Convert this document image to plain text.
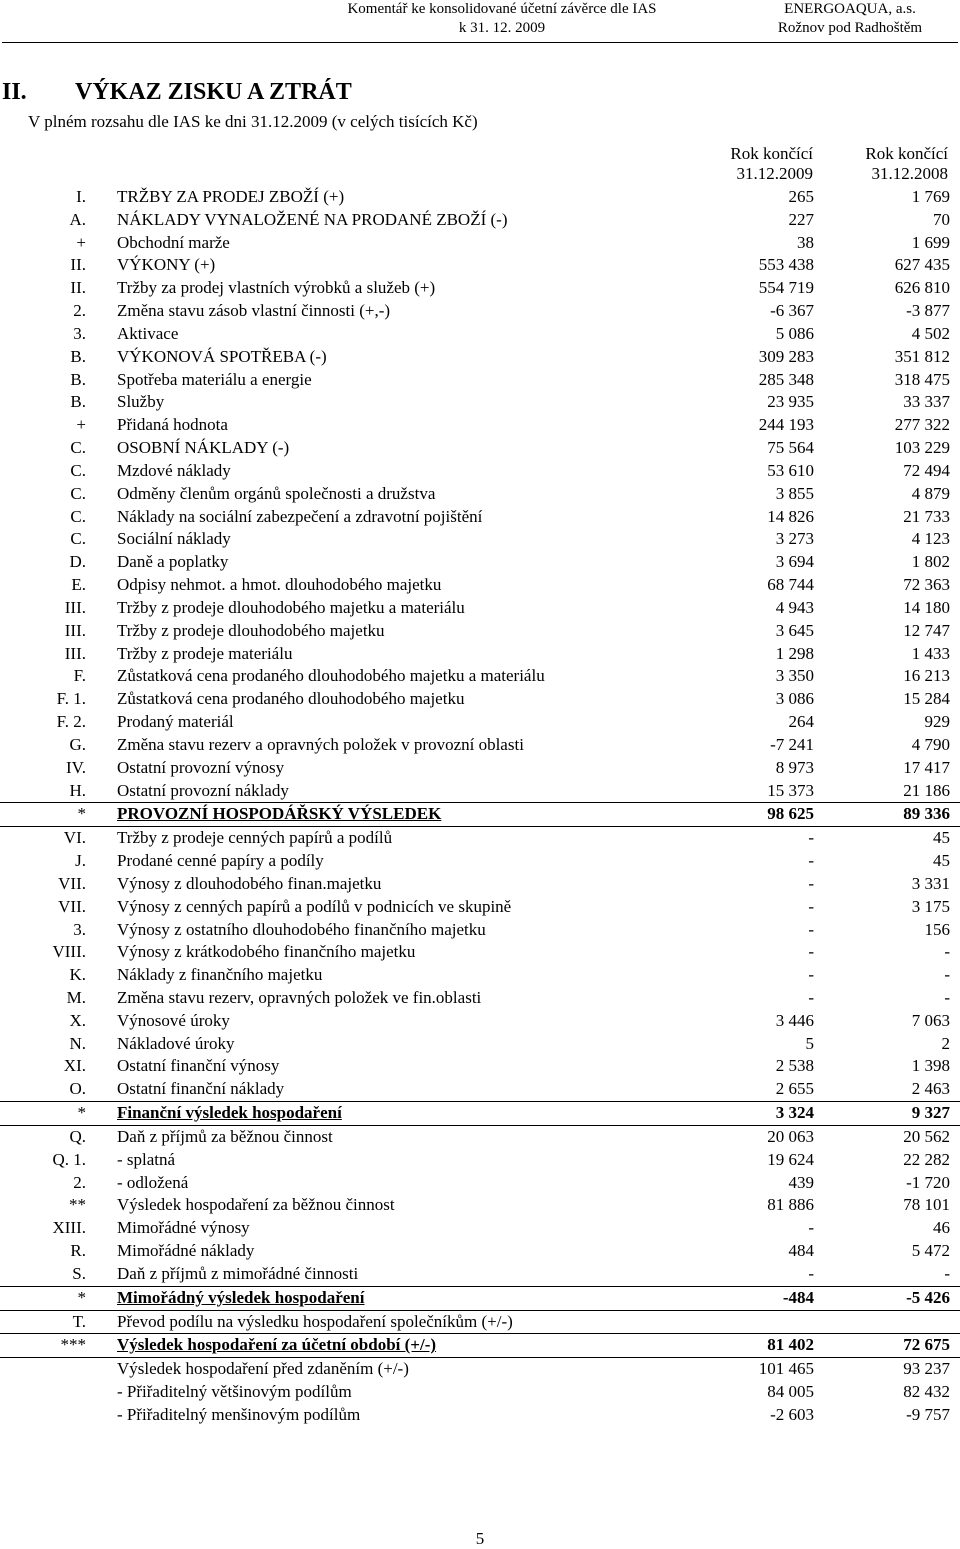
Komentář ke konsolidované účetní závěrce dle IAS
k 31. 12. 2009
ENERGOAQUA, a.s.
Rožnov pod Radhoštěm
II. VÝKAZ ZISKU A ZTRÁT
V plném rozsahu dle IAS ke dni 31.12.2009 (v celých tisících Kč)
Rok končící
31.12.2009
Rok končící
31.12.2008
I. TRŽBY ZA PRODEJ ZBOŽÍ (+)	265	1 769
A. NÁKLADY VYNALOŽENÉ NA PRODANÉ ZBOŽÍ (-)	227	70
+ Obchodní marže	38	1 699
II. VÝKONY (+)	553 438	627 435
II. Tržby za prodej vlastních výrobků a služeb (+)	554 719	626 810
2. Změna stavu zásob vlastní činnosti (+,-)	-6 367	-3 877
3. Aktivace	5 086	4 502
B. VÝKONOVÁ SPOTŘEBA (-)	309 283	351 812
B. Spotřeba materiálu a energie	285 348	318 475
B. Služby	23 935	33 337
+ Přidaná hodnota	244 193	277 322
C. OSOBNÍ NÁKLADY (-)	75 564	103 229
C. Mzdové náklady	53 610	72 494
C. Odměny členům orgánů společnosti a družstva	3 855	4 879
C. Náklady na sociální zabezpečení a zdravotní pojištění	14 826	21 733
C. Sociální náklady	3 273	4 123
D. Daně a poplatky	3 694	1 802
E. Odpisy nehmot. a hmot. dlouhodobého majetku	68 744	72 363
III. Tržby z prodeje dlouhodobého majetku a materiálu	4 943	14 180
III. Tržby z prodeje dlouhodobého majetku	3 645	12 747
III. Tržby z prodeje materiálu	1 298	1 433
F. Zůstatková cena prodaného dlouhodobého majetku a materiálu	3 350	16 213
F. 1. Zůstatková cena prodaného dlouhodobého majetku	3 086	15 284
F. 2. Prodaný materiál	264	929
G. Změna stavu rezerv a opravných položek v provozní oblasti	-7 241	4 790
IV. Ostatní provozní výnosy	8 973	17 417
H. Ostatní provozní náklady	15 373	21 186
* PROVOZNÍ HOSPODÁŘSKÝ VÝSLEDEK	98 625	89 336
VI. Tržby z prodeje cenných papírů a podílů	-	45
J. Prodané cenné papíry a podíly	-	45
VII. Výnosy z dlouhodobého finan.majetku	-	3 331
VII. Výnosy z cenných papírů a podílů v podnicích ve skupině	-	3 175
3. Výnosy z ostatního dlouhodobého finančního majetku	-	156
VIII. Výnosy z krátkodobého finančního majetku	-	-
K. Náklady z finančního majetku	-	-
M. Změna stavu rezerv, opravných položek ve fin.oblasti	-	-
X. Výnosové úroky	3 446	7 063
N. Nákladové úroky	5	2
XI. Ostatní finanční výnosy	2 538	1 398
O. Ostatní finanční náklady	2 655	2 463
* Finanční výsledek hospodaření	3 324	9 327
Q. Daň z příjmů za běžnou činnost	20 063	20 562
Q. 1. - splatná	19 624	22 282
2. - odložená	439	-1 720
** Výsledek hospodaření za běžnou činnost	81 886	78 101
XIII. Mimořádné výnosy	-	46
R. Mimořádné náklady	484	5 472
S. Daň z příjmů z mimořádné činnosti	-	-
* Mimořádný výsledek hospodaření	-484	-5 426
T. Převod podílu na výsledku hospodaření společníkům (+/-)
*** Výsledek hospodaření za účetní období (+/-)	81 402	72 675
Výsledek hospodaření před zdaněním (+/-)	101 465	93 237
- Přiřaditelný většinovým podílům	84 005	82 432
- Přiřaditelný menšinovým podílům	-2 603	-9 757
5
